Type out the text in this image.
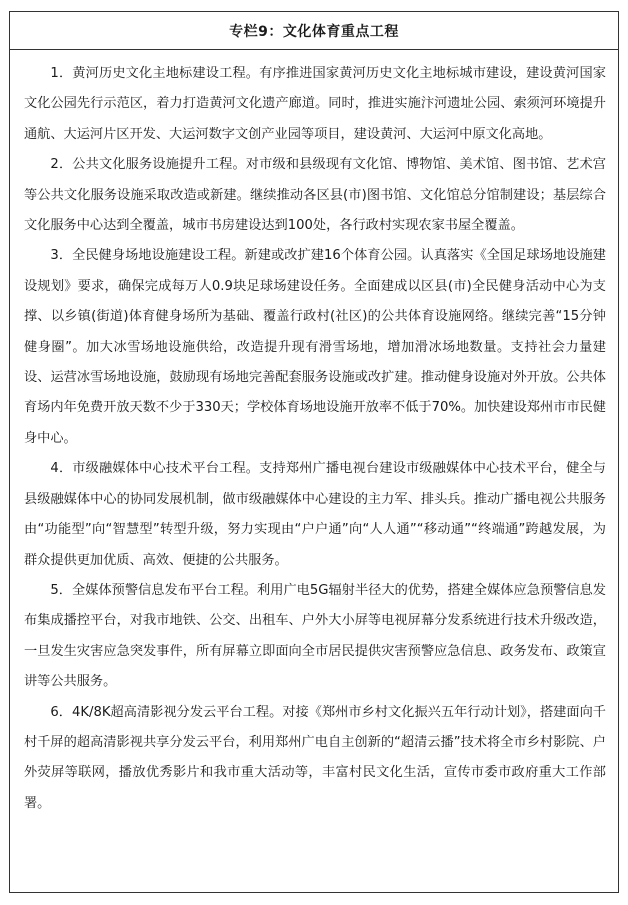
专栏9：文化体育重点工程

1．黄河历史文化主地标建设工程。有序推进国家黄河历史文化主地标城市建设，建设黄河国家文化公园先行示范区，着力打造黄河文化遗产廊道。同时，推进实施汴河遗址公园、索须河环境提升通航、大运河片区开发、大运河数字文创产业园等项目，建设黄河、大运河中原文化高地。

2．公共文化服务设施提升工程。对市级和县级现有文化馆、博物馆、美术馆、图书馆、艺术宫等公共文化服务设施采取改造或新建。继续推动各区县(市)图书馆、文化馆总分馆制建设；基层综合文化服务中心达到全覆盖，城市书房建设达到100处，各行政村实现农家书屋全覆盖。

3．全民健身场地设施建设工程。新建或改扩建16个体育公园。认真落实《全国足球场地设施建设规划》要求，确保完成每万人0.9块足球场建设任务。全面建成以区县(市)全民健身活动中心为支撑、以乡镇(街道)体育健身场所为基础、覆盖行政村(社区)的公共体育设施网络。继续完善“15分钟健身圈”。加大冰雪场地设施供给，改造提升现有滑雪场地，增加滑冰场地数量。支持社会力量建设、运营冰雪场地设施，鼓励现有场地完善配套服务设施或改扩建。推动健身设施对外开放。公共体育场内年免费开放天数不少于330天；学校体育场地设施开放率不低于70%。加快建设郑州市市民健身中心。

4．市级融媒体中心技术平台工程。支持郑州广播电视台建设市级融媒体中心技术平台，健全与县级融媒体中心的协同发展机制，做市级融媒体中心建设的主力军、排头兵。推动广播电视公共服务由“功能型”向“智慧型”转型升级，努力实现由“户户通”向“人人通”“移动通”“终端通”跨越发展，为群众提供更加优质、高效、便捷的公共服务。

5．全媒体预警信息发布平台工程。利用广电5G辐射半径大的优势，搭建全媒体应急预警信息发布集成播控平台，对我市地铁、公交、出租车、户外大小屏等电视屏幕分发系统进行技术升级改造，一旦发生灾害应急突发事件，所有屏幕立即面向全市居民提供灾害预警应急信息、政务发布、政策宣讲等公共服务。

6．4K/8K超高清影视分发云平台工程。对接《郑州市乡村文化振兴五年行动计划》，搭建面向千村千屏的超高清影视共享分发云平台，利用郑州广电自主创新的“超清云播”技术将全市乡村影院、户外荧屏等联网，播放优秀影片和我市重大活动等，丰富村民文化生活，宣传市委市政府重大工作部署。
